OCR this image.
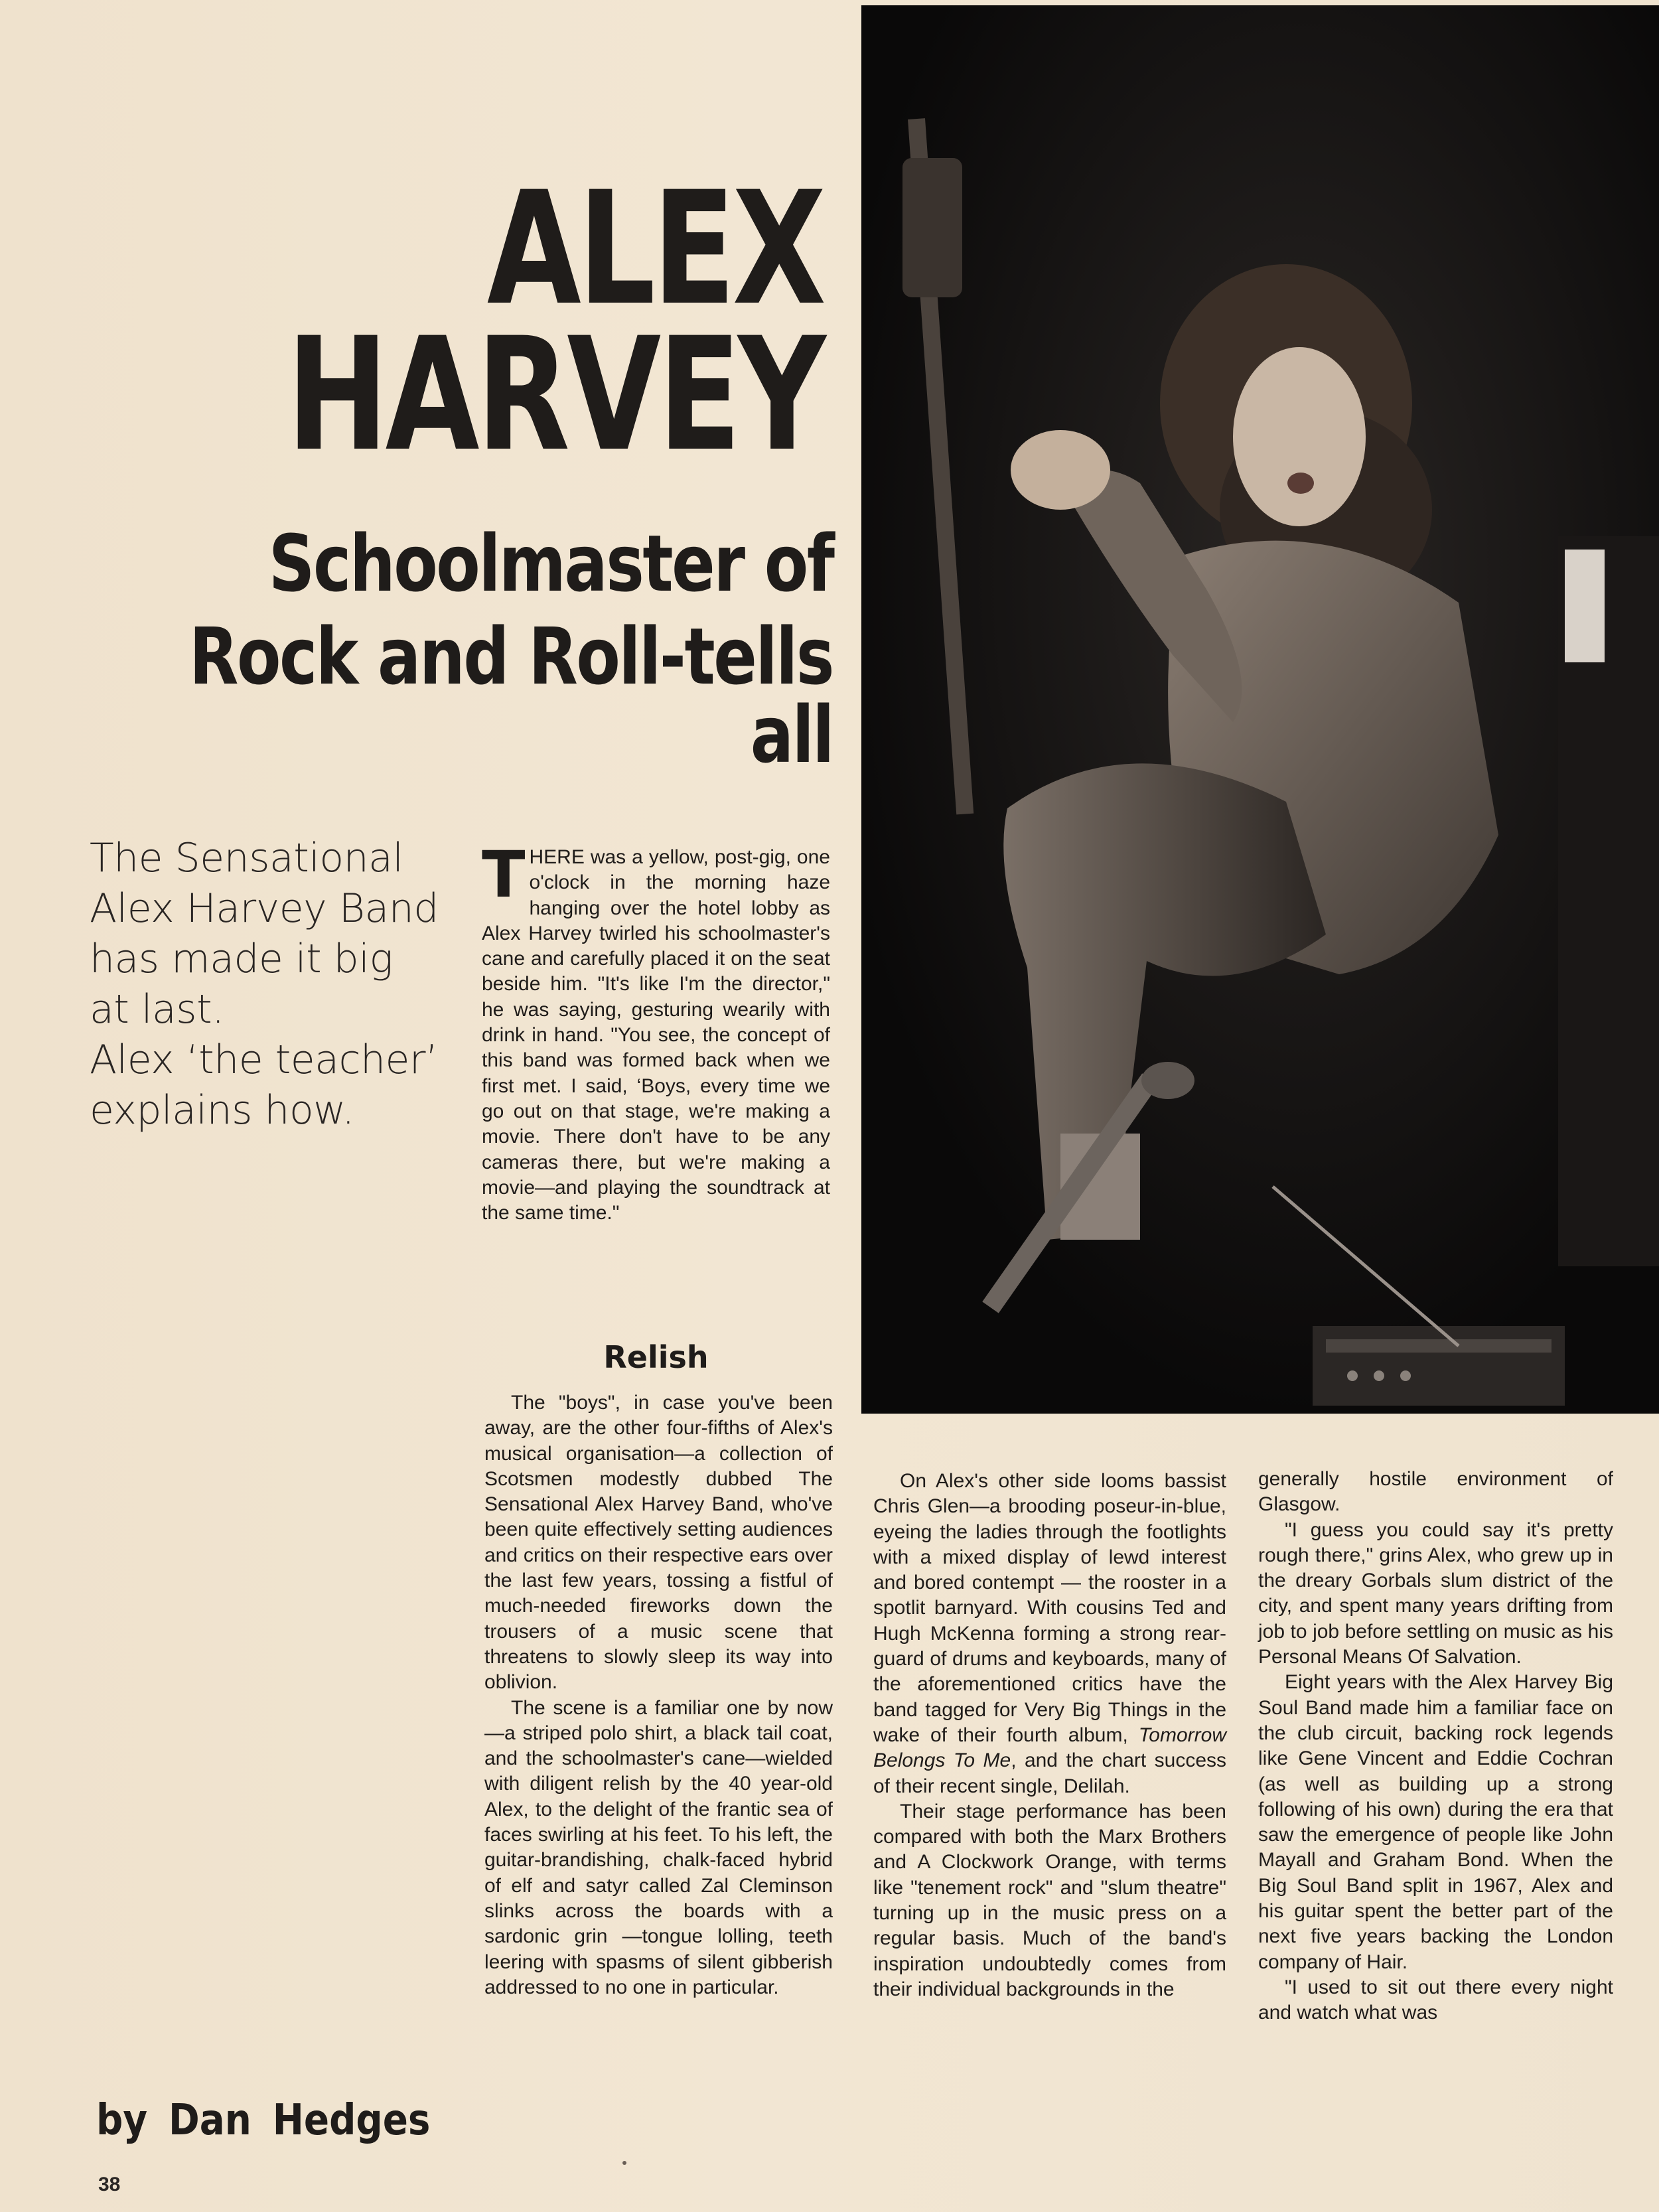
ALEX
HARVEY
Schoolmaster of
Rock and Roll-tells all
The Sensational
Alex Harvey Band
has made it big
at last.
Alex ‘the teacher’
explains how.

THERE was a yellow, post-gig, one o'clock in the morning haze hanging over the hotel lobby as Alex Harvey twirled his schoolmaster's cane and carefully placed it on the seat beside him. "It's like I'm the director," he was saying, gesturing wearily with drink in hand. "You see, the concept of this band was formed back when we first met. I said, ‘Boys, every time we go out on that stage, we're making a movie. There don't have to be any cameras there, but we're making a movie—and playing the soundtrack at the same time."

Relish

The "boys", in case you've been away, are the other four-fifths of Alex's musical organisation—a collection of Scotsmen modestly dubbed The Sensational Alex Harvey Band, who've been quite effectively setting audiences and critics on their respective ears over the last few years, tossing a fistful of much-needed fireworks down the trousers of a music scene that threatens to slowly sleep its way into oblivion.

The scene is a familiar one by now—a striped polo shirt, a black tail coat, and the schoolmaster's cane—wielded with diligent relish by the 40 year-old Alex, to the delight of the frantic sea of faces swirling at his feet. To his left, the guitar-brandishing, chalk-faced hybrid of elf and satyr called Zal Cleminson slinks across the boards with a sardonic grin —tongue lolling, teeth leering with spasms of silent gibberish addressed to no one in particular.

On Alex's other side looms bassist Chris Glen—a brooding poseur-in-blue, eyeing the ladies through the footlights with a mixed display of lewd interest and bored contempt — the rooster in a spotlit barnyard. With cousins Ted and Hugh McKenna forming a strong rear-guard of drums and keyboards, many of the aforementioned critics have the band tagged for Very Big Things in the wake of their fourth album, Tomorrow Belongs To Me, and the chart success of their recent single, Delilah.

Their stage performance has been compared with both the Marx Brothers and A Clockwork Orange, with terms like "tenement rock" and "slum theatre" turning up in the music press on a regular basis. Much of the band's inspiration undoubtedly comes from their individual backgrounds in the

generally hostile environment of Glasgow.

"I guess you could say it's pretty rough there," grins Alex, who grew up in the dreary Gorbals slum district of the city, and spent many years drifting from job to job before settling on music as his Personal Means Of Salvation.

Eight years with the Alex Harvey Big Soul Band made him a familiar face on the club circuit, backing rock legends like Gene Vincent and Eddie Cochran (as well as building up a strong following of his own) during the era that saw the emergence of people like John Mayall and Graham Bond. When the Big Soul Band split in 1967, Alex and his guitar spent the better part of the next five years backing the London company of Hair.

"I used to sit out there every night and watch what was

by Dan Hedges

38
